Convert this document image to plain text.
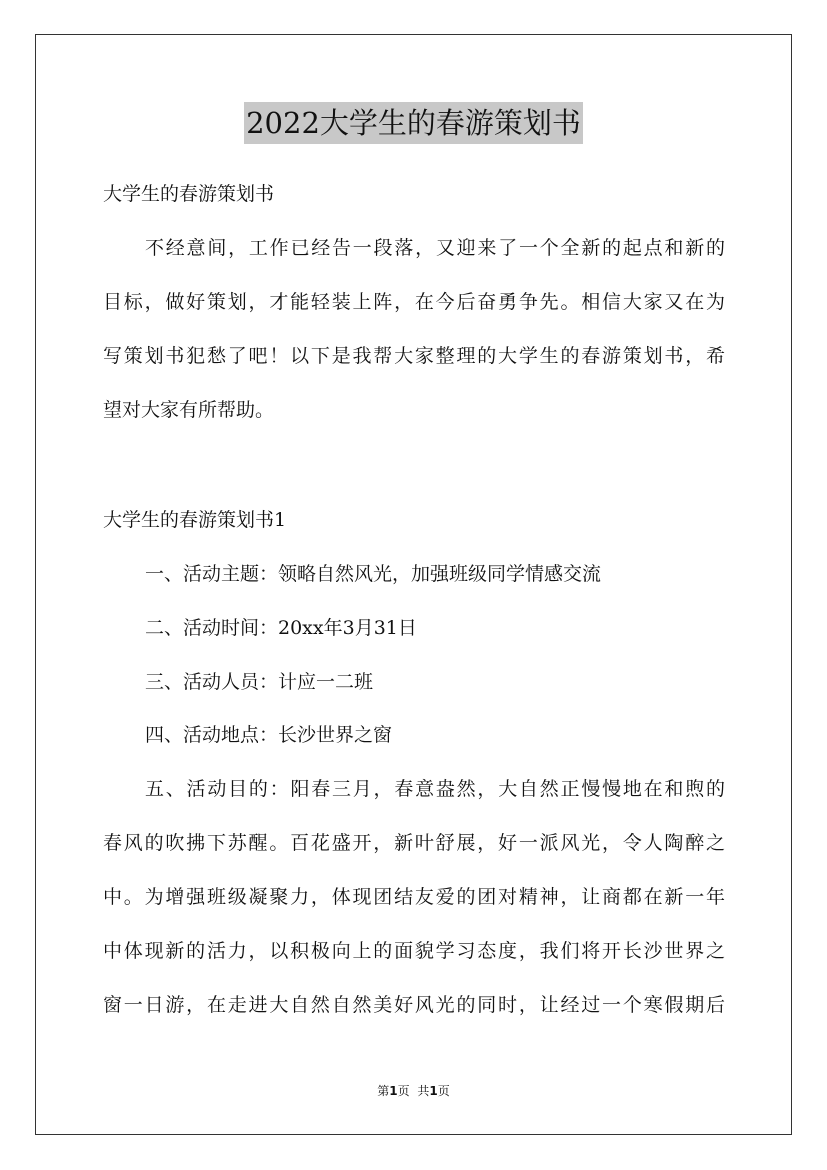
2022大学生的春游策划书
大学生的春游策划书
不经意间，工作已经告一段落，又迎来了一个全新的起点和新的
目标，做好策划，才能轻装上阵，在今后奋勇争先。相信大家又在为
写策划书犯愁了吧！以下是我帮大家整理的大学生的春游策划书，希
望对大家有所帮助。
大学生的春游策划书1
一、活动主题：领略自然风光，加强班级同学情感交流
二、活动时间：20xx年3月31日
三、活动人员：计应一二班
四、活动地点：长沙世界之窗
五、活动目的：阳春三月，春意盎然，大自然正慢慢地在和煦的
春风的吹拂下苏醒。百花盛开，新叶舒展，好一派风光，令人陶醉之
中。为增强班级凝聚力，体现团结友爱的团对精神，让商都在新一年
中体现新的活力，以积极向上的面貌学习态度，我们将开长沙世界之
窗一日游，在走进大自然自然美好风光的同时，让经过一个寒假期后
第1页 共1页
